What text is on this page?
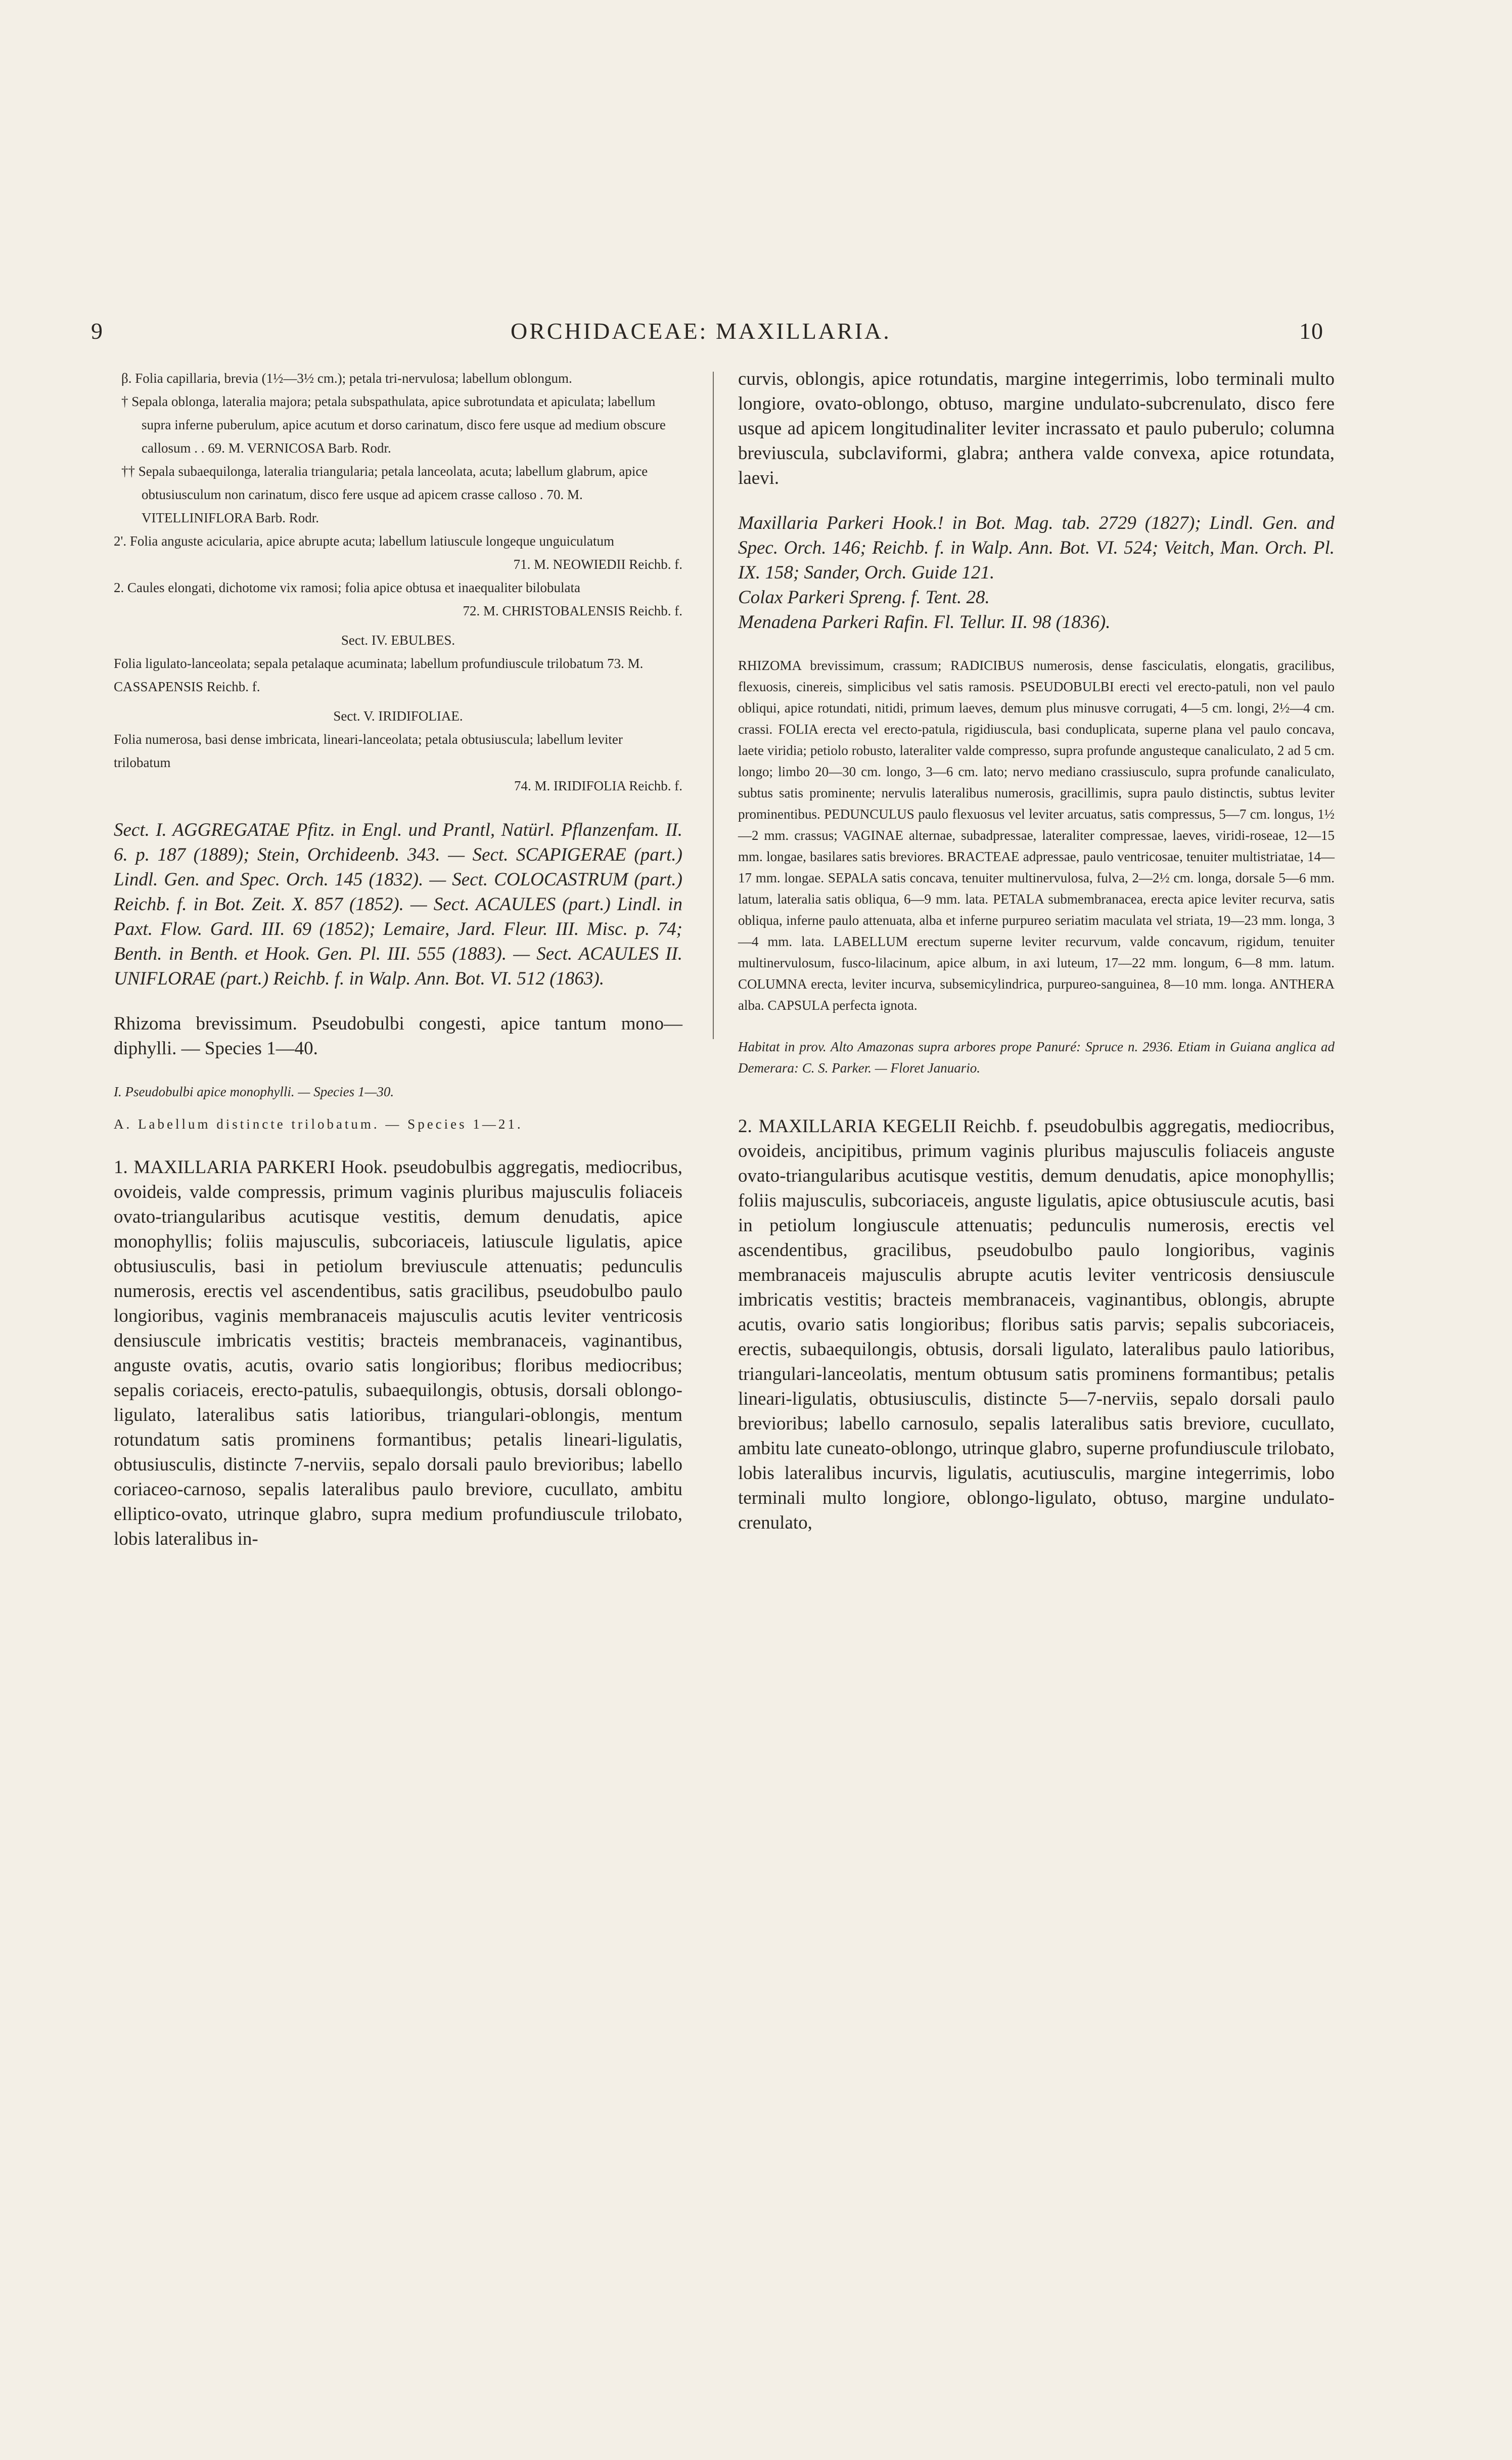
9	ORCHIDACEAE: MAXILLARIA.	10

β. Folia capillaria, brevia (1½—3½ cm.); petala tri-nervulosa; labellum oblongum.

† Sepala oblonga, lateralia majora; petala subspathulata, apice subrotundata et apiculata; labellum supra inferne puberulum, apice acutum et dorso carinatum, disco fere usque ad medium obscure callosum . . 69. M. VERNICOSA Barb. Rodr.

†† Sepala subaequilonga, lateralia triangularia; petala lanceolata, acuta; labellum glabrum, apice obtusiusculum non carinatum, disco fere usque ad apicem crasse calloso . 70. M. VITELLINIFLORA Barb. Rodr.

2'. Folia anguste acicularia, apice abrupte acuta; labellum latiuscule longeque unguiculatum

71. M. NEOWIEDII Reichb. f.

2. Caules elongati, dichotome vix ramosi; folia apice obtusa et inaequaliter bilobulata

72. M. CHRISTOBALENSIS Reichb. f.

Sect. IV. EBULBES.

Folia ligulato-lanceolata; sepala petalaque acuminata; labellum profundiuscule trilobatum 73. M. CASSAPENSIS Reichb. f.

Sect. V. IRIDIFOLIAE.

Folia numerosa, basi dense imbricata, lineari-lanceolata; petala obtusiuscula; labellum leviter trilobatum

74. M. IRIDIFOLIA Reichb. f.

Sect. I. AGGREGATAE Pfitz. in Engl. und Prantl, Natürl. Pflanzenfam. II. 6. p. 187 (1889); Stein, Orchideenb. 343. — Sect. SCAPIGERAE (part.) Lindl. Gen. and Spec. Orch. 145 (1832). — Sect. COLOCASTRUM (part.) Reichb. f. in Bot. Zeit. X. 857 (1852). — Sect. ACAULES (part.) Lindl. in Paxt. Flow. Gard. III. 69 (1852); Lemaire, Jard. Fleur. III. Misc. p. 74; Benth. in Benth. et Hook. Gen. Pl. III. 555 (1883). — Sect. ACAULES II. UNIFLORAE (part.) Reichb. f. in Walp. Ann. Bot. VI. 512 (1863).

Rhizoma brevissimum. Pseudobulbi congesti, apice tantum mono—diphylli. — Species 1—40.

I. Pseudobulbi apice monophylli. — Species 1—30.

A. Labellum distincte trilobatum. — Species 1—21.

1. MAXILLARIA PARKERI Hook. pseudobulbis aggregatis, mediocribus, ovoideis, valde compressis, primum vaginis pluribus majusculis foliaceis ovato-triangularibus acutisque vestitis, demum denudatis, apice monophyllis; foliis majusculis, subcoriaceis, latiuscule ligulatis, apice obtusiusculis, basi in petiolum breviuscule attenuatis; pedunculis numerosis, erectis vel ascendentibus, satis gracilibus, pseudobulbo paulo longioribus, vaginis membranaceis majusculis acutis leviter ventricosis densiuscule imbricatis vestitis; bracteis membranaceis, vaginantibus, anguste ovatis, acutis, ovario satis longioribus; floribus mediocribus; sepalis coriaceis, erecto-patulis, subaequilongis, obtusis, dorsali oblongo-ligulato, lateralibus satis latioribus, triangulari-oblongis, mentum rotundatum satis prominens formantibus; petalis lineari-ligulatis, obtusiusculis, distincte 7-nerviis, sepalo dorsali paulo brevioribus; labello coriaceo-carnoso, sepalis lateralibus paulo breviore, cucullato, ambitu elliptico-ovato, utrinque glabro, supra medium profundiuscule trilobato, lobis lateralibus in-

curvis, oblongis, apice rotundatis, margine integerrimis, lobo terminali multo longiore, ovato-oblongo, obtuso, margine undulato-subcrenulato, disco fere usque ad apicem longitudinaliter leviter incrassato et paulo puberulo; columna breviuscula, subclaviformi, glabra; anthera valde convexa, apice rotundata, laevi.

Maxillaria Parkeri Hook.! in Bot. Mag. tab. 2729 (1827); Lindl. Gen. and Spec. Orch. 146; Reichb. f. in Walp. Ann. Bot. VI. 524; Veitch, Man. Orch. Pl. IX. 158; Sander, Orch. Guide 121.

Colax Parkeri Spreng. f. Tent. 28.

Menadena Parkeri Rafin. Fl. Tellur. II. 98 (1836).

RHIZOMA brevissimum, crassum; RADICIBUS numerosis, dense fasciculatis, elongatis, gracilibus, flexuosis, cinereis, simplicibus vel satis ramosis. PSEUDOBULBI erecti vel erecto-patuli, non vel paulo obliqui, apice rotundati, nitidi, primum laeves, demum plus minusve corrugati, 4—5 cm. longi, 2½—4 cm. crassi. FOLIA erecta vel erecto-patula, rigidiuscula, basi conduplicata, superne plana vel paulo concava, laete viridia; petiolo robusto, lateraliter valde compresso, supra profunde angusteque canaliculato, 2 ad 5 cm. longo; limbo 20—30 cm. longo, 3—6 cm. lato; nervo mediano crassiusculo, supra profunde canaliculato, subtus satis prominente; nervulis lateralibus numerosis, gracillimis, supra paulo distinctis, subtus leviter prominentibus. PEDUNCULUS paulo flexuosus vel leviter arcuatus, satis compressus, 5—7 cm. longus, 1½—2 mm. crassus; VAGINAE alternae, subadpressae, lateraliter compressae, laeves, viridi-roseae, 12—15 mm. longae, basilares satis breviores. BRACTEAE adpressae, paulo ventricosae, tenuiter multistriatae, 14—17 mm. longae. SEPALA satis concava, tenuiter multinervulosa, fulva, 2—2½ cm. longa, dorsale 5—6 mm. latum, lateralia satis obliqua, 6—9 mm. lata. PETALA submembranacea, erecta apice leviter recurva, satis obliqua, inferne paulo attenuata, alba et inferne purpureo seriatim maculata vel striata, 19—23 mm. longa, 3—4 mm. lata. LABELLUM erectum superne leviter recurvum, valde concavum, rigidum, tenuiter multinervulosum, fusco-lilacinum, apice album, in axi luteum, 17—22 mm. longum, 6—8 mm. latum. COLUMNA erecta, leviter incurva, subsemicylindrica, purpureo-sanguinea, 8—10 mm. longa. ANTHERA alba. CAPSULA perfecta ignota.

Habitat in prov. Alto Amazonas supra arbores prope Panuré: Spruce n. 2936. Etiam in Guiana anglica ad Demerara: C. S. Parker. — Floret Januario.

2. MAXILLARIA KEGELII Reichb. f. pseudobulbis aggregatis, mediocribus, ovoideis, ancipitibus, primum vaginis pluribus majusculis foliaceis anguste ovato-triangularibus acutisque vestitis, demum denudatis, apice monophyllis; foliis majusculis, subcoriaceis, anguste ligulatis, apice obtusiuscule acutis, basi in petiolum longiuscule attenuatis; pedunculis numerosis, erectis vel ascendentibus, gracilibus, pseudobulbo paulo longioribus, vaginis membranaceis majusculis abrupte acutis leviter ventricosis densiuscule imbricatis vestitis; bracteis membranaceis, vaginantibus, oblongis, abrupte acutis, ovario satis longioribus; floribus satis parvis; sepalis subcoriaceis, erectis, subaequilongis, obtusis, dorsali ligulato, lateralibus paulo latioribus, triangulari-lanceolatis, mentum obtusum satis prominens formantibus; petalis lineari-ligulatis, obtusiusculis, distincte 5—7-nerviis, sepalo dorsali paulo brevioribus; labello carnosulo, sepalis lateralibus satis breviore, cucullato, ambitu late cuneato-oblongo, utrinque glabro, superne profundiuscule trilobato, lobis lateralibus incurvis, ligulatis, acutiusculis, margine integerrimis, lobo terminali multo longiore, oblongo-ligulato, obtuso, margine undulato-crenulato,
